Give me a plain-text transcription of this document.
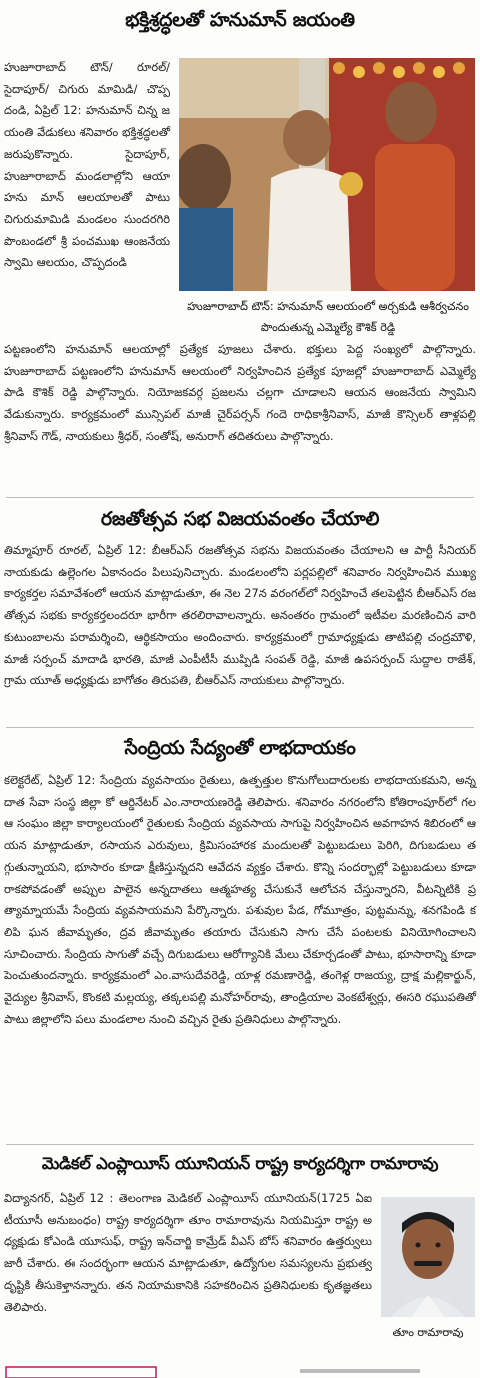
భక్తిశ్రద్ధలతో హనుమాన్ జయంతి
హుజూరాబాద్ టౌన్/ రూరల్/ సైదాపూర్/ చిగురు మామిడి/ చొప్పదండి, ఏప్రిల్ 12: హనుమాన్ చిన్న జయంతి వేడుకలు శనివారం భక్తిశ్రద్ధలతో జరుపుకొన్నారు. సైదాపూర్, హుజూరాబాద్ మండలాల్లోని ఆయా హను మాన్ ఆలయాలతో పాటు చిగురుమామిడి మండలం సుందరగిరి పొంబండలో శ్రీ పంచముఖ ఆంజనేయ స్వామి ఆలయం, చొప్పదండి
హుజూరాబాద్ టౌన్: హనుమాన్ ఆలయంలో అర్చకుడి ఆశీర్వచనం పొందుతున్న ఎమ్మెల్యే కౌశిక్ రెడ్డి
పట్టణంలోని హనుమాన్ ఆలయాల్లో ప్రత్యేక పూజలు చేశారు. భక్తులు పెద్ద సంఖ్యలో పాల్గొన్నారు. హుజూరాబాద్ పట్టణంలోని హనుమాన్ ఆలయంలో నిర్వహించిన ప్రత్యేక పూజల్లో హుజూరాబాద్ ఎమ్మెల్యే పాడి కౌశిక్ రెడ్డి పాల్గొన్నారు. నియోజకవర్గ ప్రజలను చల్లగా చూడాలని ఆయన ఆంజనేయ స్వామిని వేడుకున్నారు. కార్యక్రమంలో మున్సిపల్ మాజీ చైర్‌పర్సన్ గందె రాధికాశ్రీనివాస్, మాజీ కౌన్సిలర్ తాళ్లపల్లి శ్రీనివాస్ గౌడ్, నాయకులు శ్రీధర్, సంతోష్, అనురాగ్ తదితరులు పాల్గొన్నారు.
రజతోత్సవ సభ విజయవంతం చేయాలి
తిమ్మాపూర్ రూరల్, ఏప్రిల్ 12: బీఆర్ఎస్ రజతోత్సవ సభను విజయవంతం చేయాలని ఆ పార్టీ సీనియర్ నాయకుడు ఉల్లెంగల ఏకానందం పిలుపునిచ్చారు. మండలంలోని పర్లపల్లిలో శనివారం నిర్వహించిన ముఖ్య కార్యకర్తల సమావేశంలో ఆయన మాట్లాడుతూ, ఈ నెల 27న వరంగల్‌లో నిర్వహించే తలపెట్టిన బీఆర్ఎస్ రజతోత్సవ సభకు కార్యకర్తలందరూ భారీగా తరలిరావాలన్నారు. అనంతరం గ్రామంలో ఇటీవల మరణించిన వారి కుటుంబాలను పరామర్శించి, ఆర్థికసాయం అందించారు. కార్యక్రమంలో గ్రామాధ్యక్షుడు తాటిపల్లి చంద్రమౌళి, మాజీ సర్పంచ్ మాదాడి భారతి, మాజీ ఎంపీటీసీ ముప్పిడి సంపత్ రెడ్డి, మాజీ ఉపసర్పంచ్ సుద్దాల రాజేశ్, గ్రామ యూత్ అధ్యక్షుడు బాగోతం తిరుపతి, బీఆర్ఎస్ నాయకులు పాల్గొన్నారు.
సేంద్రియ సేద్యంతో లాభదాయకం
కలెక్టరేట్, ఏప్రిల్ 12: సేంద్రియ వ్యవసాయం రైతులు, ఉత్పత్తుల కొనుగోలుదారులకు లాభదాయకమని, అన్నదాత సేవా సంస్థ జిల్లా కో ఆర్డినేటర్ ఎం.నారాయణరెడ్డి తెలిపారు. శనివారం నగరంలోని కోతిరాంపూర్‌లో గల ఆ సంఘం జిల్లా కార్యాలయంలో రైతులకు సేంద్రియ వ్యవసాయ సాగుపై నిర్వహించిన అవగాహన శిబిరంలో ఆయన మాట్లాడుతూ, రసాయన ఎరువులు, క్రిమిసంహారక మందులతో పెట్టుబడులు పెరిగి, దిగుబడులు తగ్గుతున్నాయని, భూసారం కూడా క్షీణిస్తున్నదని ఆవేదన వ్యక్తం చేశారు. కొన్ని సందర్భాల్లో పెట్టుబడులు కూడా రాకపోవడంతో అప్పుల పాలైన అన్నదాతలు ఆత్మహత్య చేసుకునే ఆలోచన చేస్తున్నారని, వీటన్నిటికి ప్రత్యామ్నాయమే సేంద్రియ వ్యవసాయమని పేర్కొన్నారు. పశువుల పేడ, గోమూత్రం, పుట్టమన్ను, శనగపిండి కలిపి ఘన జీవామృతం, ద్రవ జీవామృతం తయారు చేసుకుని సాగు చేసే పంటలకు వినియోగించాలని సూచించారు. సేంద్రియ సాగుతో వచ్చే దిగుబడులు ఆరోగ్యానికి మేలు చేకూర్చడంతో పాటు, భూసారాన్ని కూడా పెంచుతుందన్నారు. కార్యక్రమంలో ఎం.వాసుదేవరెడ్డి, యాళ్ల రమణారెడ్డి, తంగెళ్ల రాజయ్య, ద్రాక్ష మల్లికార్జున్, వైద్యుల శ్రీనివాస్, కొంకటి మల్లయ్య, తక్కలపల్లి మనోహర్‌రావు, తాండ్రియాల వెంకటేశ్వర్లు, ఈసరి రఘుపతితో పాటు జిల్లాలోని పలు మండలాల నుంచి వచ్చిన రైతు ప్రతినిధులు పాల్గొన్నారు.
మెడికల్ ఎంప్లాయీస్ యూనియన్ రాష్ట్ర కార్యదర్శిగా రామారావు
విద్యానగర్, ఏప్రిల్ 12 : తెలంగాణ మెడికల్ ఎంప్లాయీస్ యూనియన్(1725 ఏఐటీయూసీ అనుబంధం) రాష్ట్ర కార్యదర్శిగా తూం రామారావును నియమిస్తూ రాష్ట్ర అధ్యక్షుడు కోఎండి యూసుఫ్, రాష్ట్ర ఇన్‌చార్జి కామ్రేడ్ వీఎస్ బోస్ శనివారం ఉత్తర్వులు జారీ చేశారు. ఈ సందర్భంగా ఆయన మాట్లాడుతూ, ఉద్యోగుల సమస్యలను ప్రభుత్వ దృష్టికి తీసుకెళ్తానన్నారు. తన నియామకానికి సహకరించిన ప్రతినిధులకు కృతజ్ఞతలు తెలిపారు.
తూం రామారావు
